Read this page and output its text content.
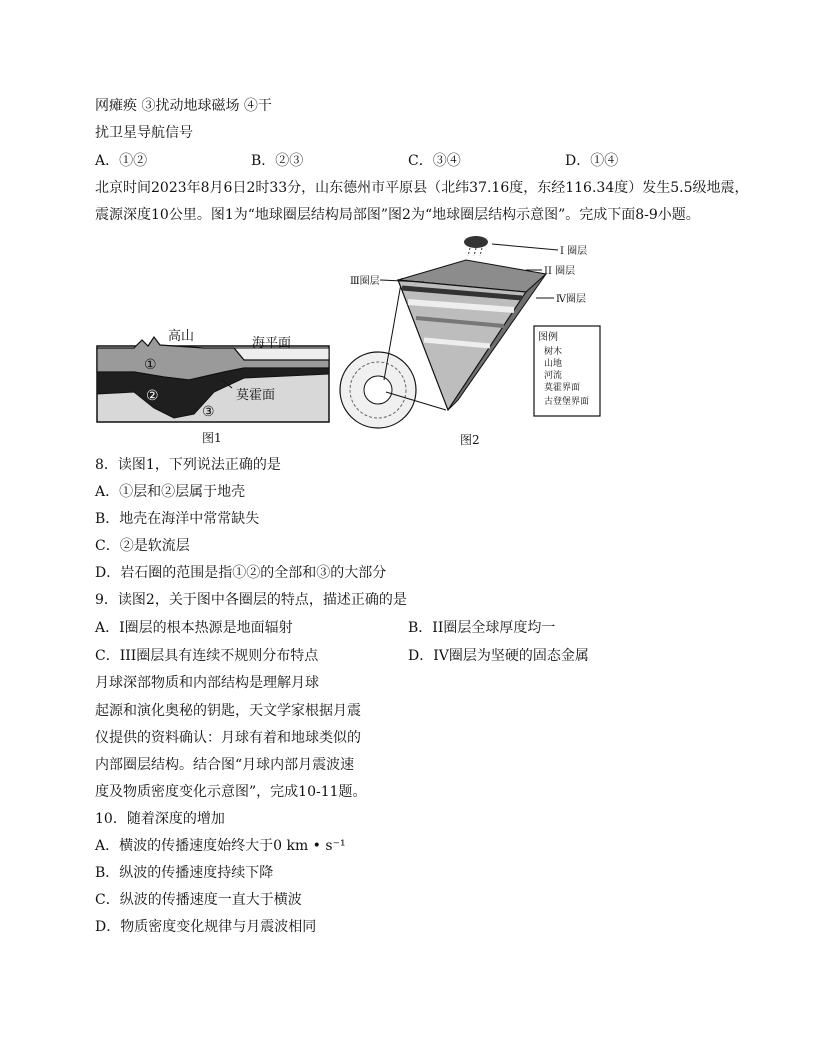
网瘫痪 ③扰动地球磁场 ④干
扰卫星导航信号
A．①②	B．②③	C．③④	D．①④
北京时间2023年8月6日2时33分，山东德州市平原县（北纬37.16度，东经116.34度）发生5.5级地震，
震源深度10公里。图1为“地球圈层结构局部图”图2为“地球圈层结构示意图”。完成下面8-9小题。
①
②
③
高山	海平面
莫霍面
图1
I 圈层
II 圈层
Ⅲ圈层
Ⅳ圈层
图例
树木
山地
河流
莫霍界面
古登堡界面
图2
8．读图1，下列说法正确的是
A．①层和②层属于地壳
B．地壳在海洋中常常缺失
C．②是软流层
D．岩石圈的范围是指①②的全部和③的大部分
9．读图2，关于图中各圈层的特点，描述正确的是
A．I圈层的根本热源是地面辐射	B．II圈层全球厚度均一
C．III圈层具有连续不规则分布特点	D．IV圈层为坚硬的固态金属
月球深部物质和内部结构是理解月球
起源和演化奥秘的钥匙，天文学家根据月震
仪提供的资料确认：月球有着和地球类似的
内部圈层结构。结合图“月球内部月震波速
度及物质密度变化示意图”，完成10-11题。
10．随着深度的增加
A．横波的传播速度始终大于0 km • s⁻¹
B．纵波的传播速度持续下降
C．纵波的传播速度一直大于横波
D．物质密度变化规律与月震波相同
